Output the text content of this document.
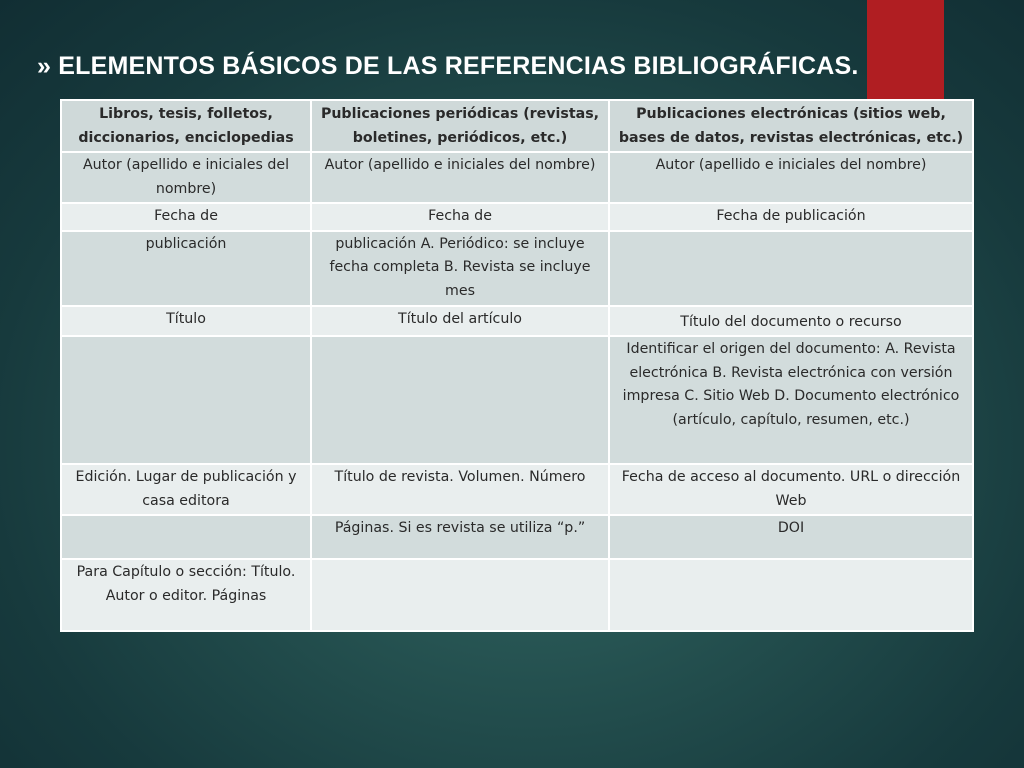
» ELEMENTOS BÁSICOS DE LAS REFERENCIAS BIBLIOGRÁFICAS.
Libros, tesis, folletos, diccionarios, enciclopedias	Publicaciones periódicas (revistas, boletines, periódicos, etc.)	Publicaciones electrónicas (sitios web, bases de datos, revistas electrónicas, etc.)
Autor (apellido e iniciales del nombre)	Autor (apellido e iniciales del nombre)	Autor (apellido e iniciales del nombre)
Fecha de	Fecha de	Fecha de publicación
publicación	publicación A. Periódico: se incluye fecha completa B. Revista se incluye mes	
Título	Título del artículo	Título del documento o recurso
		Identificar el origen del documento: A. Revista electrónica B. Revista electrónica con versión impresa C. Sitio Web D. Documento electrónico (artículo, capítulo, resumen, etc.)
Edición. Lugar de publicación y casa editora	Título de revista. Volumen. Número	Fecha de acceso al documento. URL o dirección Web
	Páginas. Si es revista se utiliza “p.”	DOI
Para Capítulo o sección: Título. Autor o editor. Páginas		
